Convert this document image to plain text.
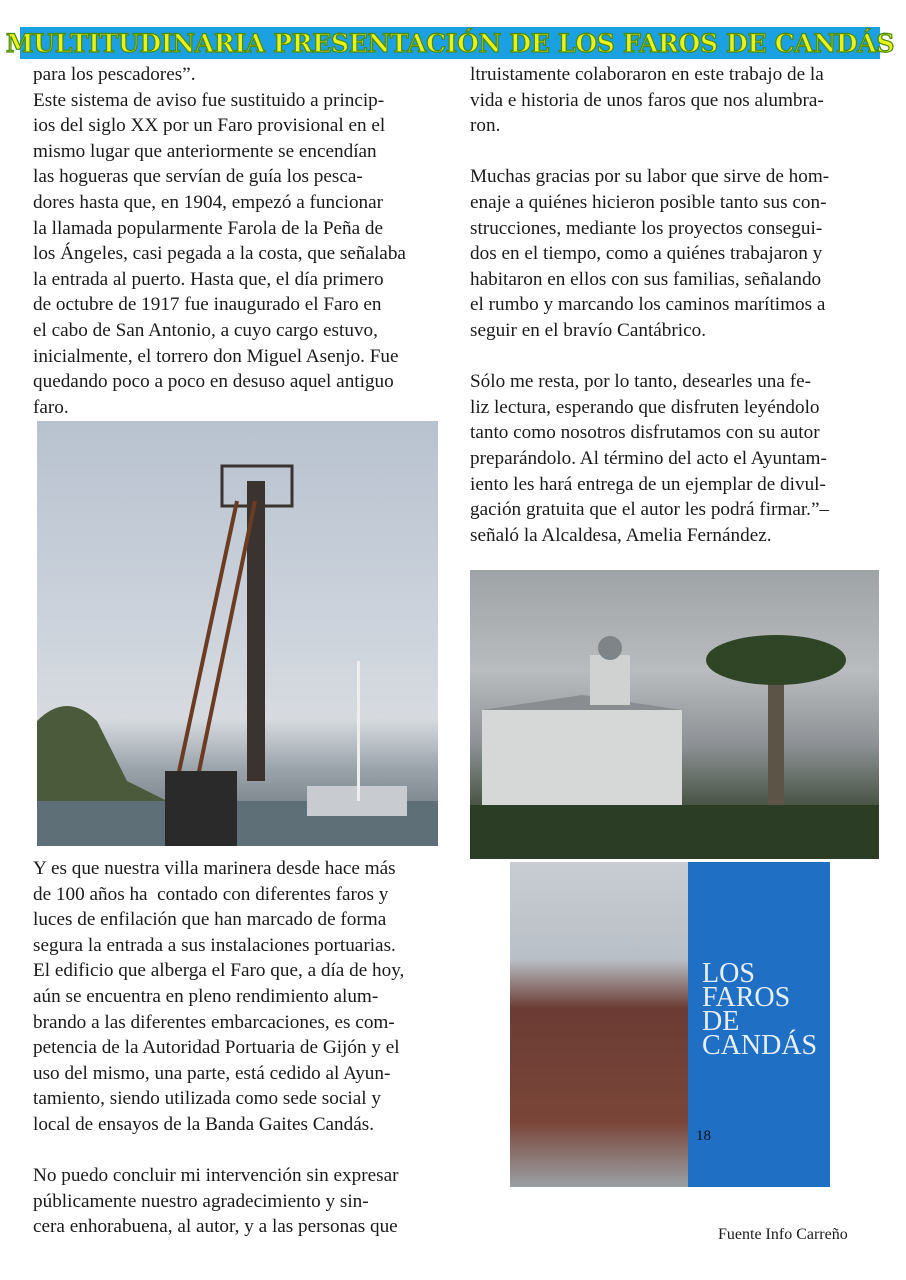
MULTITUDINARIA PRESENTACIÓN DE LOS FAROS DE CANDÁS

para los pescadores”.
Este sistema de aviso fue sustituido a princip-
ios del siglo XX por un Faro provisional en el
mismo lugar que anteriormente se encendían
las hogueras que servían de guía los pesca-
dores hasta que, en 1904, empezó a funcionar
la llamada popularmente Farola de la Peña de
los Ángeles, casi pegada a la costa, que señalaba
la entrada al puerto. Hasta que, el día primero
de octubre de 1917 fue inaugurado el Faro en
el cabo de San Antonio, a cuyo cargo estuvo,
inicialmente, el torrero don Miguel Asenjo. Fue
quedando poco a poco en desuso aquel antiguo
faro.

Y es que nuestra villa marinera desde hace más
de 100 años ha  contado con diferentes faros y
luces de enfilación que han marcado de forma
segura la entrada a sus instalaciones portuarias.
El edificio que alberga el Faro que, a día de hoy,
aún se encuentra en pleno rendimiento alum-
brando a las diferentes embarcaciones, es com-
petencia de la Autoridad Portuaria de Gijón y el
uso del mismo, una parte, está cedido al Ayun-
tamiento, siendo utilizada como sede social y
local de ensayos de la Banda Gaites Candás.

No puedo concluir mi intervención sin expresar
públicamente nuestro agradecimiento y sin-
cera enhorabuena, al autor, y a las personas que

ltruistamente colaboraron en este trabajo de la
vida e historia de unos faros que nos alumbra-
ron.

Muchas gracias por su labor que sirve de hom-
enaje a quiénes hicieron posible tanto sus con-
strucciones, mediante los proyectos consegui-
dos en el tiempo, como a quiénes trabajaron y
habitaron en ellos con sus familias, señalando
el rumbo y marcando los caminos marítimos a
seguir en el bravío Cantábrico.

Sólo me resta, por lo tanto, desearles una fe-
liz lectura, esperando que disfruten leyéndolo
tanto como nosotros disfrutamos con su autor
preparándolo. Al término del acto el Ayuntam-
iento les hará entrega de un ejemplar de divul-
gación gratuita que el autor les podrá firmar.”–
señaló la Alcaldesa, Amelia Fernández.

LOS
FAROS
DE
CANDÁS
18
Fuente Info Carreño
